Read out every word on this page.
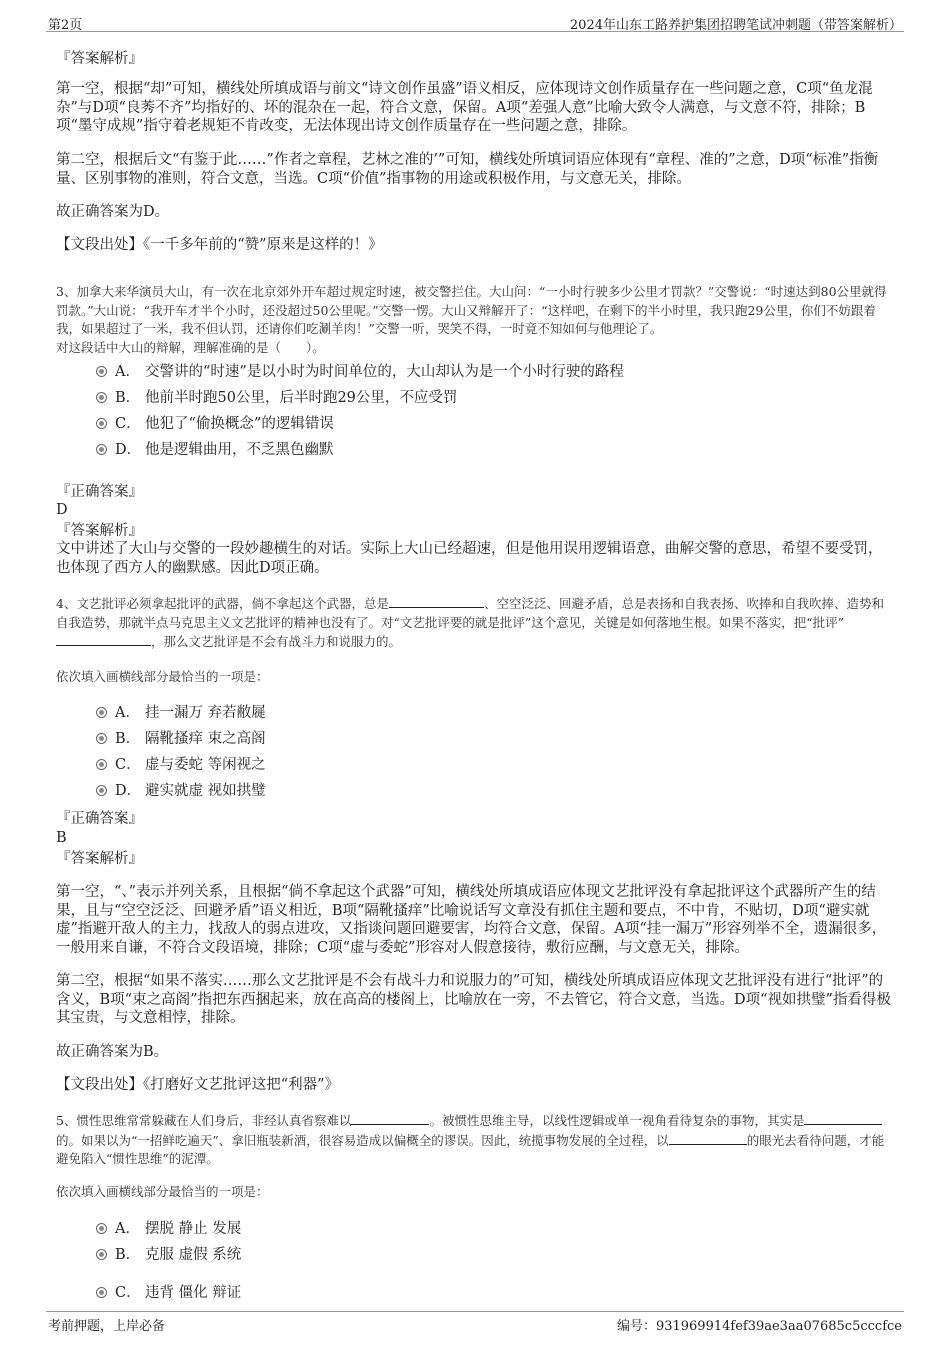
第2页	2024年山东工路养护集团招聘笔试冲刺题（带答案解析）
『答案解析』
第一空，根据“却”可知，横线处所填成语与前文“诗文创作虽盛”语义相反，应体现诗文创作质量存在一些问题之意，C项“鱼龙混杂”与D项“良莠不齐”均指好的、坏的混杂在一起，符合文意，保留。A项“差强人意”比喻大致令人满意，与文意不符，排除；B项“墨守成规”指守着老规矩不肯改变，无法体现出诗文创作质量存在一些问题之意，排除。
第二空，根据后文“有鉴于此……”作者之章程，艺林之准的’”可知，横线处所填词语应体现有“章程、准的”之意，D项“标准”指衡量、区别事物的准则，符合文意，当选。C项“价值”指事物的用途或积极作用，与文意无关，排除。
故正确答案为D。
【文段出处】《一千多年前的“赞”原来是这样的！》
3、加拿大来华演员大山，有一次在北京郊外开车超过规定时速，被交警拦住。大山问：“一小时行驶多少公里才罚款？”交警说：“时速达到80公里就得罚款。”大山说：“我开车才半个小时，还没超过50公里呢。”交警一愣。大山又辩解开了：“这样吧，在剩下的半小时里，我只跑29公里，你们不妨跟着我，如果超过了一米，我不但认罚，还请你们吃涮羊肉！”交警一听，哭笑不得，一时竟不知如何与他理论了。
对这段话中大山的辩解，理解准确的是（　　）。
A． 交警讲的“时速”是以小时为时间单位的，大山却认为是一个小时行驶的路程
B． 他前半时跑50公里，后半时跑29公里，不应受罚
C． 他犯了“偷换概念”的逻辑错误
D． 他是逻辑曲用，不乏黑色幽默
『正确答案』
D
『答案解析』
文中讲述了大山与交警的一段妙趣横生的对话。实际上大山已经超速，但是他用误用逻辑语意，曲解交警的意思，希望不要受罚，也体现了西方人的幽默感。因此D项正确。
4、文艺批评必须拿起批评的武器，倘不拿起这个武器，总是	、空空泛泛、回避矛盾，总是表扬和自我表扬、吹捧和自我吹捧、造势和自我造势，那就半点马克思主义文艺批评的精神也没有了。对“文艺批评要的就是批评”这个意见，关键是如何落地生根。如果不落实，把“批评”，那么文艺批评是不会有战斗力和说服力的。
依次填入画横线部分最恰当的一项是：
A． 挂一漏万 弃若敝屣
B． 隔靴搔痒 束之高阁
C． 虚与委蛇 等闲视之
D． 避实就虚 视如拱璧
『正确答案』
B
『答案解析』
第一空，“、”表示并列关系，且根据“倘不拿起这个武器”可知，横线处所填成语应体现文艺批评没有拿起批评这个武器所产生的结果，且与“空空泛泛、回避矛盾”语义相近，B项“隔靴搔痒”比喻说话写文章没有抓住主题和要点，不中肯，不贴切，D项“避实就虚”指避开敌人的主力，找敌人的弱点进攻，又指谈问题回避要害，均符合文意，保留。A项“挂一漏万”形容列举不全，遗漏很多，一般用来自谦，不符合文段语境，排除；C项“虚与委蛇”形容对人假意接待，敷衍应酬，与文意无关，排除。
第二空，根据“如果不落实……那么文艺批评是不会有战斗力和说服力的”可知，横线处所填成语应体现文艺批评没有进行“批评”的含义，B项“束之高阁”指把东西捆起来，放在高高的楼阁上，比喻放在一旁，不去管它，符合文意，当选。D项“视如拱璧”指看得极其宝贵，与文意相悖，排除。
故正确答案为B。
【文段出处】《打磨好文艺批评这把“利器”》
5、惯性思维常常躲藏在人们身后，非经认真省察难以	。被惯性思维主导，以线性逻辑或单一视角看待复杂的事物，其实是的。如果以为“一招鲜吃遍天”、拿旧瓶装新酒，很容易造成以偏概全的谬误。因此，统揽事物发展的全过程，以	的眼光去看待问题，才能避免陷入“惯性思维”的泥潭。
依次填入画横线部分最恰当的一项是：
A． 摆脱 静止 发展
B． 克服 虚假 系统
C． 违背 僵化 辩证
考前押题，上岸必备	编号：931969914fef39ae3aa07685c5cccfce
